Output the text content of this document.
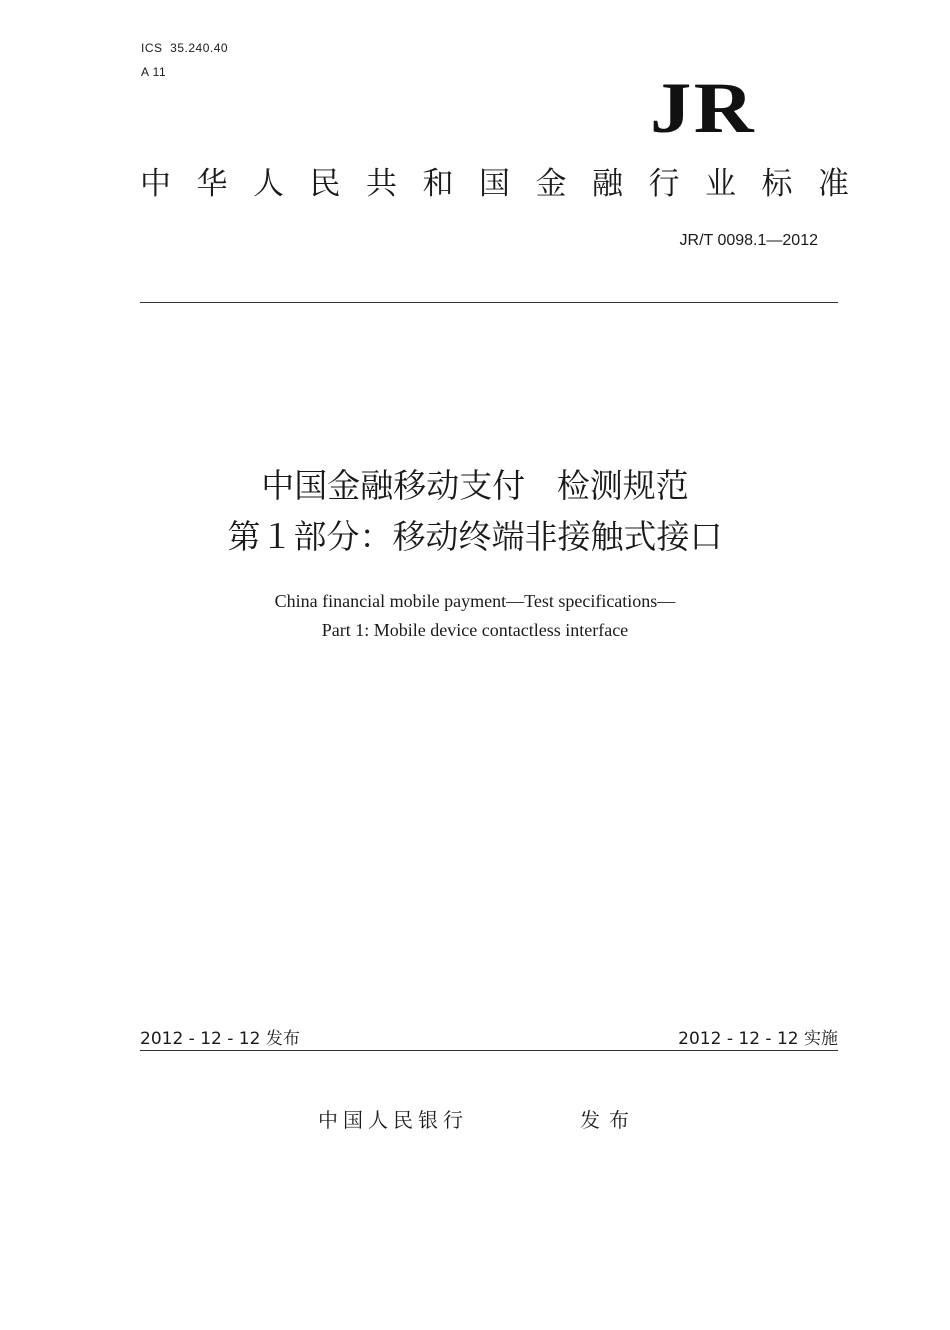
ICS  35.240.40
A 11	JR
中华人民共和国金融行业标准
JR/T 0098.1—2012
中国金融移动支付   检测规范
第１部分：移动终端非接触式接口
China financial mobile payment—Test specifications—
Part 1: Mobile device contactless interface
2012 - 12 - 12 发布	2012 - 12 - 12 实施
中国人民银行	发布
